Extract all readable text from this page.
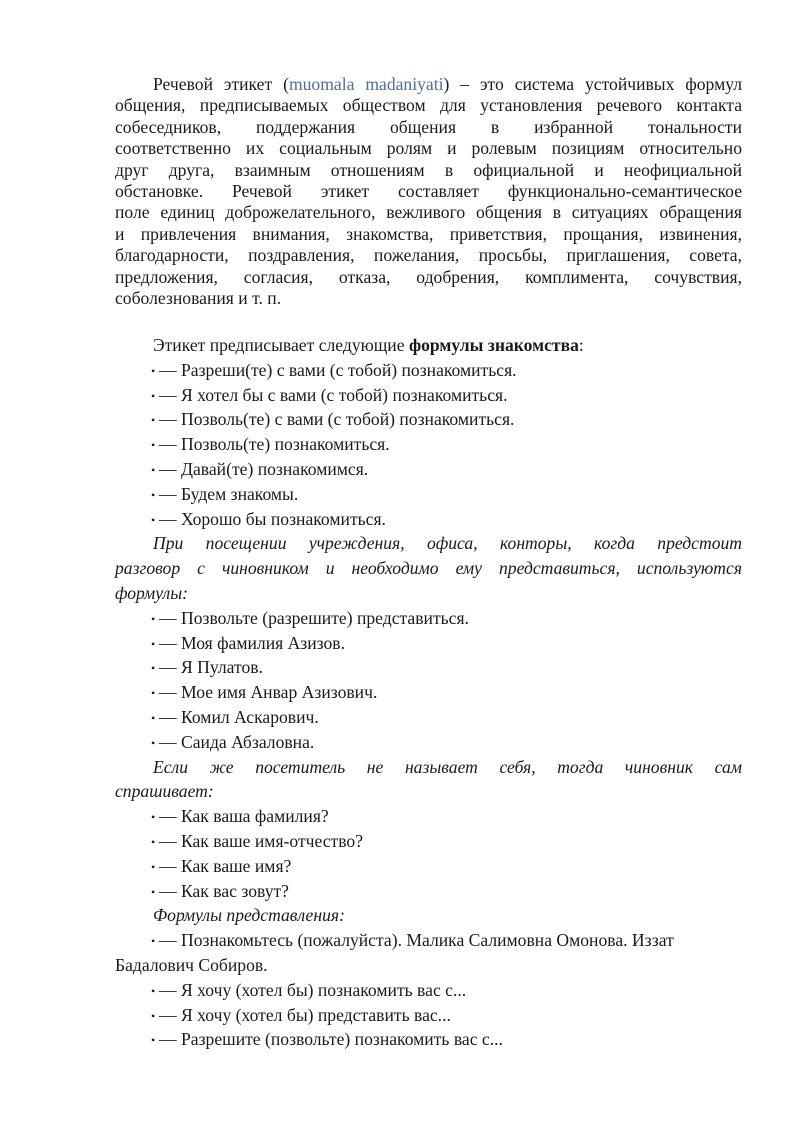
Речевой этикет (muomala madaniyati) – это система устойчивых формул
общения, предписываемых обществом для установления речевого контакта
собеседников, поддержания общения в избранной тональности
соответственно их социальным ролям и ролевым позициям относительно
друг друга, взаимным отношениям в официальной и неофициальной
обстановке. Речевой этикет составляет функционально-семантическое
поле единиц доброжелательного, вежливого общения в ситуациях обращения
и привлечения внимания, знакомства, приветствия, прощания, извинения,
благодарности, поздравления, пожелания, просьбы, приглашения, совета,
предложения, согласия, отказа, одобрения, комплимента, сочувствия,
соболезнования и т. п.
Этикет предписывает следующие формулы знакомства:
• — Разреши(те) с вами (с тобой) познакомиться.
• — Я хотел бы с вами (с тобой) познакомиться.
• — Позволь(те) с вами (с тобой) познакомиться.
• — Позволь(те) познакомиться.
• — Давай(те) познакомимся.
• — Будем знакомы.
• — Хорошо бы познакомиться.
При посещении учреждения, офиса, конторы, когда предстоит
разговор с чиновником и необходимо ему представиться, используются
формулы:
• — Позвольте (разрешите) представиться.
• — Моя фамилия Азизов.
• — Я Пулатов.
• — Мое имя Анвар Азизович.
• — Комил Аскарович.
• — Саида Абзаловна.
Если же посетитель не называет себя, тогда чиновник сам
спрашивает:
• — Как ваша фамилия?
• — Как ваше имя-отчество?
• — Как ваше имя?
• — Как вас зовут?
Формулы представления:
• — Познакомьтесь (пожалуйста). Малика Салимовна Омонова. Иззат
Бадалович Собиров.
• — Я хочу (хотел бы) познакомить вас с...
• — Я хочу (хотел бы) представить вас...
• — Разрешите (позвольте) познакомить вас с...
